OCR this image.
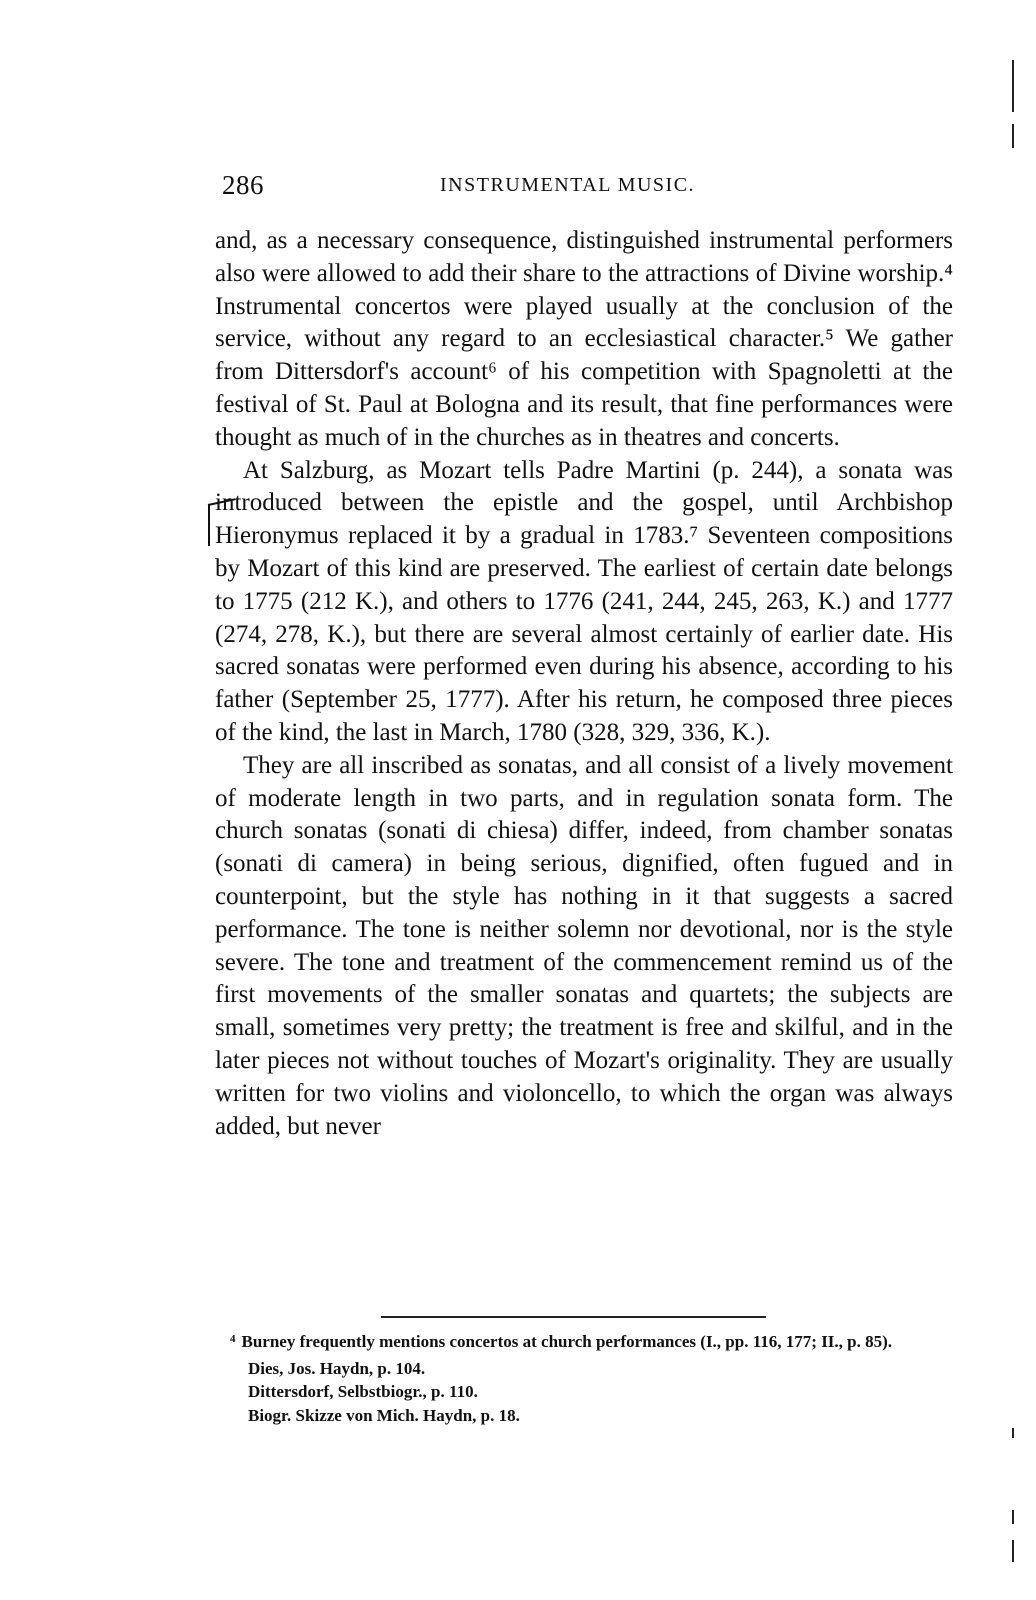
286	INSTRUMENTAL MUSIC.

and, as a necessary consequence, distinguished instrumental performers also were allowed to add their share to the attractions of Divine worship.⁴ Instrumental concertos were played usually at the conclusion of the service, without any regard to an ecclesiastical character.⁵ We gather from Dittersdorf's account⁶ of his competition with Spagnoletti at the festival of St. Paul at Bologna and its result, that fine performances were thought as much of in the churches as in theatres and concerts.

At Salzburg, as Mozart tells Padre Martini (p. 244), a sonata was introduced between the epistle and the gospel, until Archbishop Hieronymus replaced it by a gradual in 1783.⁷ Seventeen compositions by Mozart of this kind are preserved. The earliest of certain date belongs to 1775 (212 K.), and others to 1776 (241, 244, 245, 263, K.) and 1777 (274, 278, K.), but there are several almost certainly of earlier date. His sacred sonatas were performed even during his absence, according to his father (September 25, 1777). After his return, he composed three pieces of the kind, the last in March, 1780 (328, 329, 336, K.).

They are all inscribed as sonatas, and all consist of a lively movement of moderate length in two parts, and in regulation sonata form. The church sonatas (sonati di chiesa) differ, indeed, from chamber sonatas (sonati di camera) in being serious, dignified, often fugued and in counterpoint, but the style has nothing in it that suggests a sacred performance. The tone is neither solemn nor devotional, nor is the style severe. The tone and treatment of the commencement remind us of the first movements of the smaller sonatas and quartets; the subjects are small, sometimes very pretty; the treatment is free and skilful, and in the later pieces not without touches of Mozart's originality. They are usually written for two violins and violoncello, to which the organ was always added, but never

$^4$ Burney frequently mentions concertos at church performances (I., pp. 116, 177; II., p. 85).

Dies, Jos. Haydn, p. 104.

Dittersdorf, Selbstbiogr., p. 110.

Biogr. Skizze von Mich. Haydn, p. 18.
